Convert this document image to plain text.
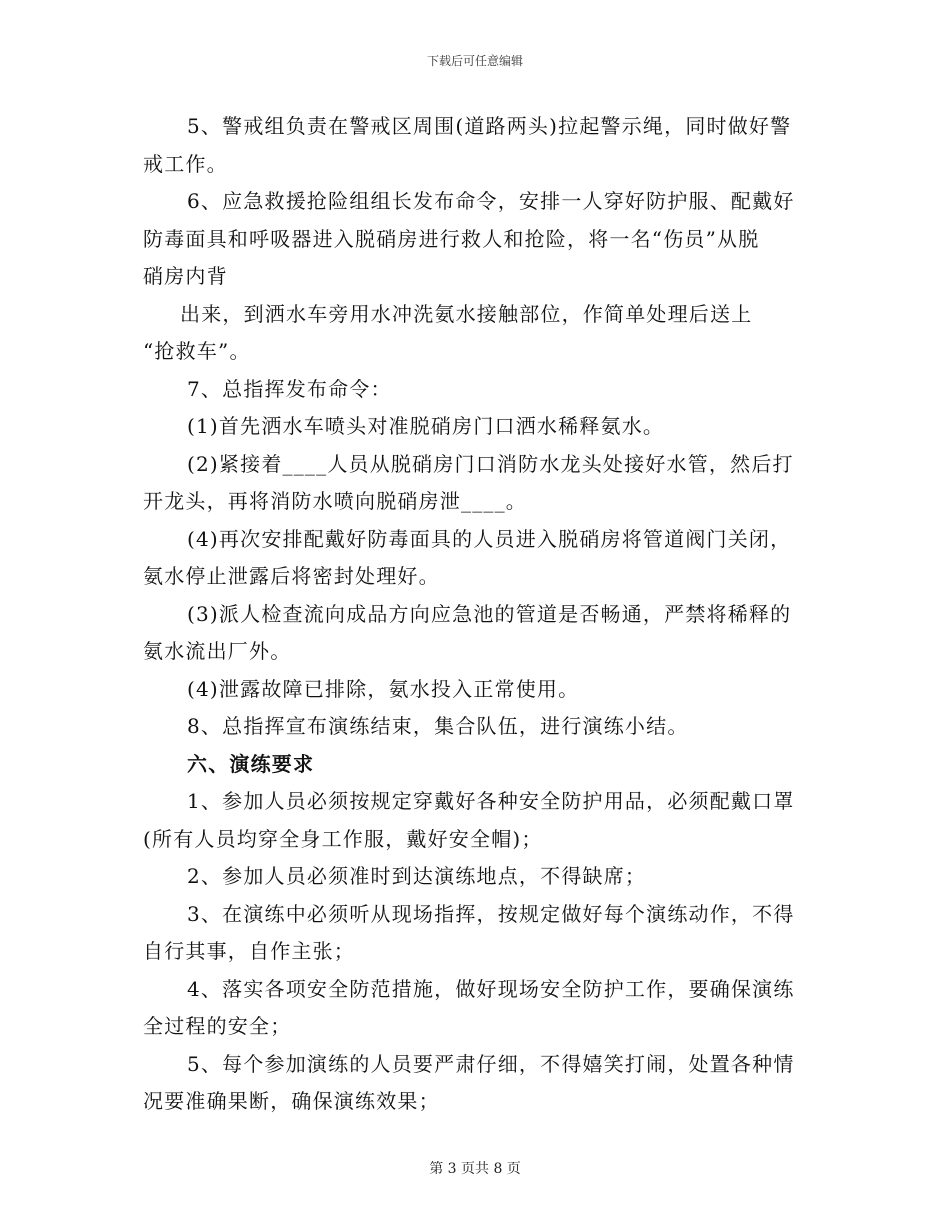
下载后可任意编辑
5、警戒组负责在警戒区周围(道路两头)拉起警示绳，同时做好警
戒工作。
6、应急救援抢险组组长发布命令，安排一人穿好防护服、配戴好
防毒面具和呼吸器进入脱硝房进行救人和抢险，将一名“伤员”从脱
硝房内背
出来，到洒水车旁用水冲洗氨水接触部位，作简单处理后送上
“抢救车”。
7、总指挥发布命令：
(1)首先洒水车喷头对准脱硝房门口洒水稀释氨水。
(2)紧接着____人员从脱硝房门口消防水龙头处接好水管，然后打
开龙头，再将消防水喷向脱硝房泄____。
(4)再次安排配戴好防毒面具的人员进入脱硝房将管道阀门关闭，
氨水停止泄露后将密封处理好。
(3)派人检查流向成品方向应急池的管道是否畅通，严禁将稀释的
氨水流出厂外。
(4)泄露故障已排除，氨水投入正常使用。
8、总指挥宣布演练结束，集合队伍，进行演练小结。
六、演练要求
1、参加人员必须按规定穿戴好各种安全防护用品，必须配戴口罩
(所有人员均穿全身工作服，戴好安全帽)；
2、参加人员必须准时到达演练地点，不得缺席；
3、在演练中必须听从现场指挥，按规定做好每个演练动作，不得
自行其事，自作主张；
4、落实各项安全防范措施，做好现场安全防护工作，要确保演练
全过程的安全；
5、每个参加演练的人员要严肃仔细，不得嬉笑打闹，处置各种情
况要准确果断，确保演练效果；
第 3 页共 8 页
